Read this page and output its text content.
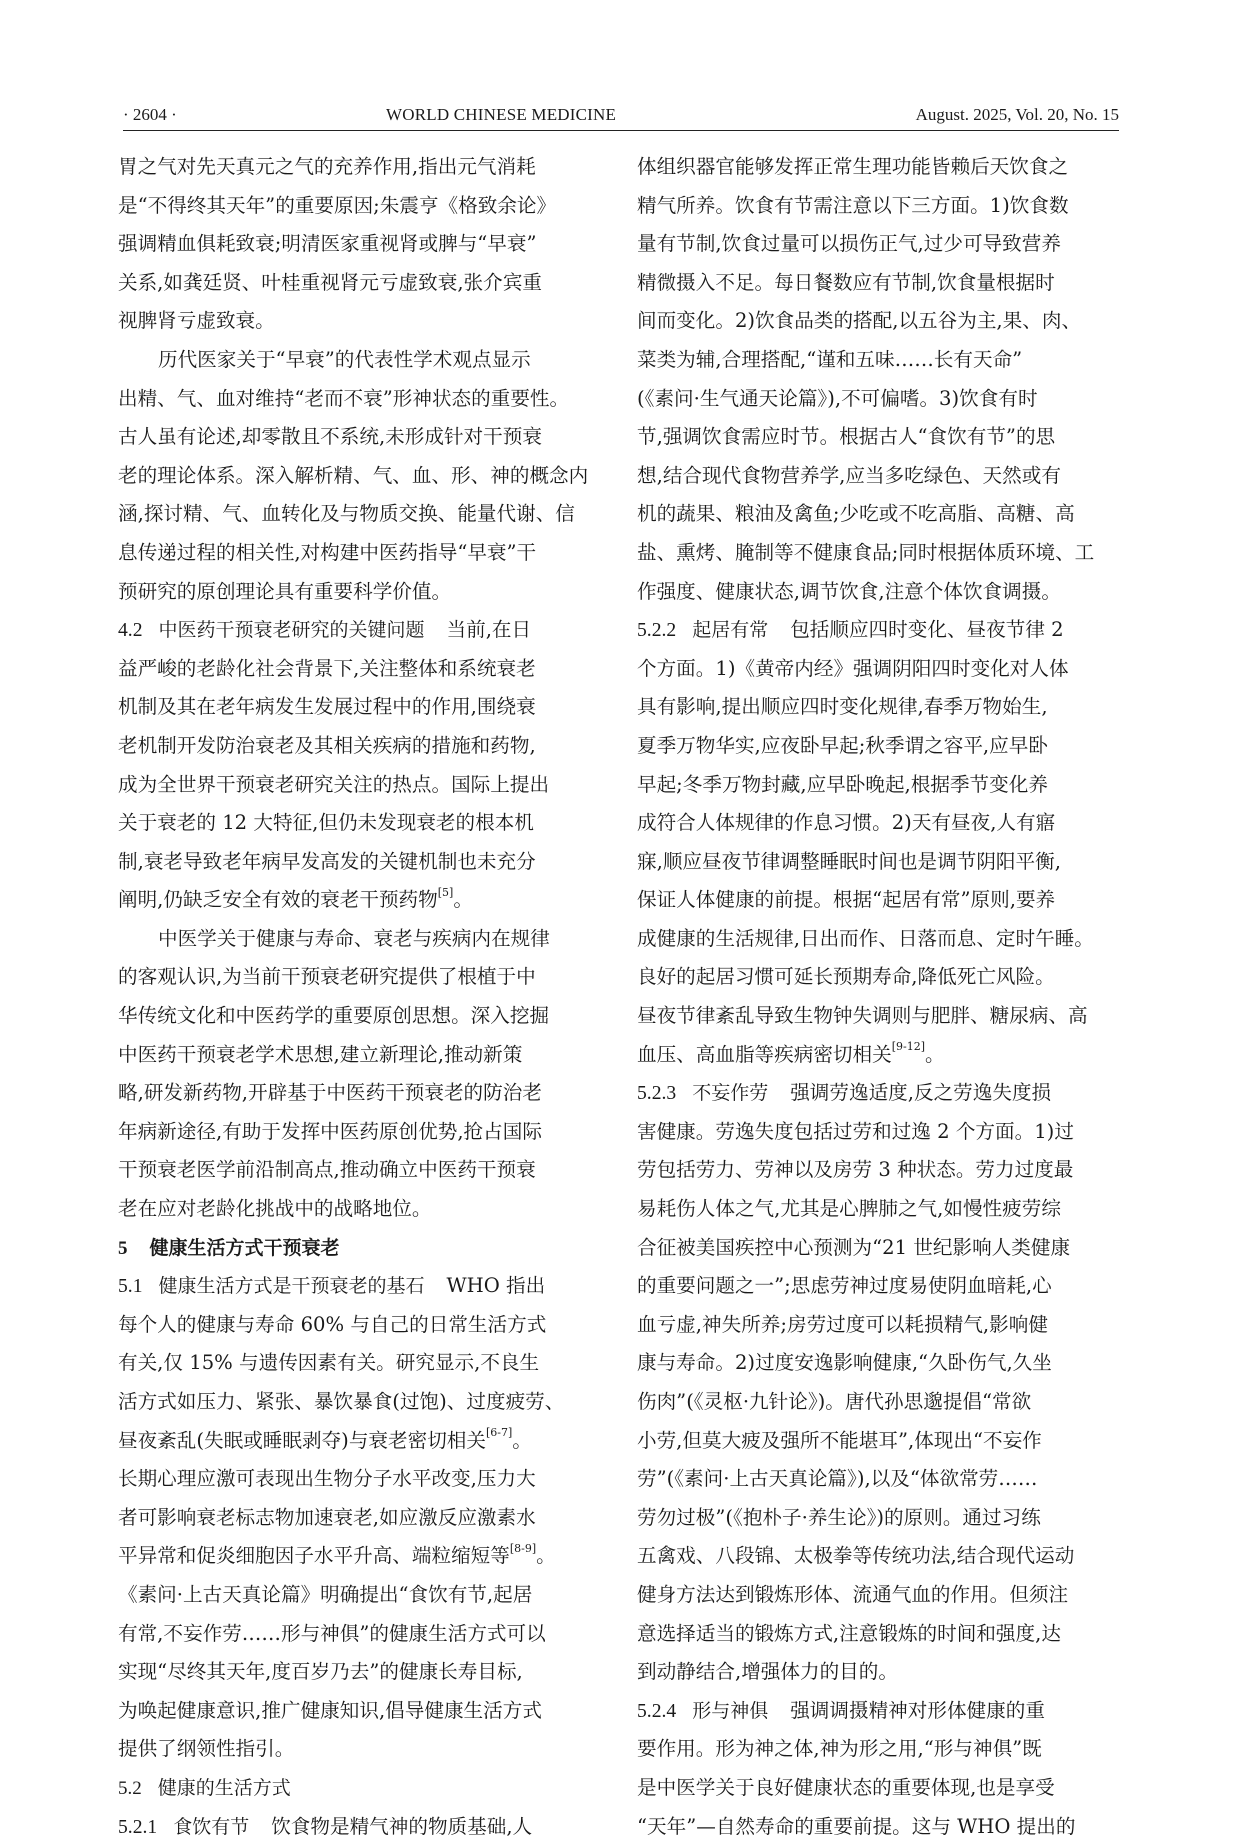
· 2604 ·	WORLD CHINESE MEDICINE	August. 2025, Vol. 20, No. 15
胃之气对先天真元之气的充养作用,指出元气消耗
是“不得终其天年”的重要原因;朱震亨《格致余论》
强调精血俱耗致衰;明清医家重视肾或脾与“早衰”
关系,如龚廷贤、叶桂重视肾元亏虚致衰,张介宾重
视脾肾亏虚致衰。
历代医家关于“早衰”的代表性学术观点显示
出精、气、血对维持“老而不衰”形神状态的重要性。
古人虽有论述,却零散且不系统,未形成针对干预衰
老的理论体系。深入解析精、气、血、形、神的概念内
涵,探讨精、气、血转化及与物质交换、能量代谢、信
息传递过程的相关性,对构建中医药指导“早衰”干
预研究的原创理论具有重要科学价值。
4.2 中医药干预衰老研究的关键问题 当前,在日
益严峻的老龄化社会背景下,关注整体和系统衰老
机制及其在老年病发生发展过程中的作用,围绕衰
老机制开发防治衰老及其相关疾病的措施和药物,
成为全世界干预衰老研究关注的热点。国际上提出
关于衰老的 12 大特征,但仍未发现衰老的根本机
制,衰老导致老年病早发高发的关键机制也未充分
阐明,仍缺乏安全有效的衰老干预药物[5]。
中医学关于健康与寿命、衰老与疾病内在规律
的客观认识,为当前干预衰老研究提供了根植于中
华传统文化和中医药学的重要原创思想。深入挖掘
中医药干预衰老学术思想,建立新理论,推动新策
略,研发新药物,开辟基于中医药干预衰老的防治老
年病新途径,有助于发挥中医药原创优势,抢占国际
干预衰老医学前沿制高点,推动确立中医药干预衰
老在应对老龄化挑战中的战略地位。
5 健康生活方式干预衰老
5.1 健康生活方式是干预衰老的基石 WHO 指出
每个人的健康与寿命 60% 与自己的日常生活方式
有关,仅 15% 与遗传因素有关。研究显示,不良生
活方式如压力、紧张、暴饮暴食(过饱)、过度疲劳、
昼夜紊乱(失眠或睡眠剥夺)与衰老密切相关[6-7]。
长期心理应激可表现出生物分子水平改变,压力大
者可影响衰老标志物加速衰老,如应激反应激素水
平异常和促炎细胞因子水平升高、端粒缩短等[8-9]。
《素问·上古天真论篇》明确提出“食饮有节,起居
有常,不妄作劳……形与神俱”的健康生活方式可以
实现“尽终其天年,度百岁乃去”的健康长寿目标,
为唤起健康意识,推广健康知识,倡导健康生活方式
提供了纲领性指引。
5.2 健康的生活方式
5.2.1 食饮有节 饮食物是精气神的物质基础,人
体组织器官能够发挥正常生理功能皆赖后天饮食之
精气所养。饮食有节需注意以下三方面。1)饮食数
量有节制,饮食过量可以损伤正气,过少可导致营养
精微摄入不足。每日餐数应有节制,饮食量根据时
间而变化。2)饮食品类的搭配,以五谷为主,果、肉、
菜类为辅,合理搭配,“谨和五味……长有天命”
(《素问·生气通天论篇》),不可偏嗜。3)饮食有时
节,强调饮食需应时节。根据古人“食饮有节”的思
想,结合现代食物营养学,应当多吃绿色、天然或有
机的蔬果、粮油及禽鱼;少吃或不吃高脂、高糖、高
盐、熏烤、腌制等不健康食品;同时根据体质环境、工
作强度、健康状态,调节饮食,注意个体饮食调摄。
5.2.2 起居有常 包括顺应四时变化、昼夜节律 2
个方面。1)《黄帝内经》强调阴阳四时变化对人体
具有影响,提出顺应四时变化规律,春季万物始生,
夏季万物华实,应夜卧早起;秋季谓之容平,应早卧
早起;冬季万物封藏,应早卧晚起,根据季节变化养
成符合人体规律的作息习惯。2)天有昼夜,人有寤
寐,顺应昼夜节律调整睡眠时间也是调节阴阳平衡,
保证人体健康的前提。根据“起居有常”原则,要养
成健康的生活规律,日出而作、日落而息、定时午睡。
良好的起居习惯可延长预期寿命,降低死亡风险。
昼夜节律紊乱导致生物钟失调则与肥胖、糖尿病、高
血压、高血脂等疾病密切相关[9-12]。
5.2.3 不妄作劳 强调劳逸适度,反之劳逸失度损
害健康。劳逸失度包括过劳和过逸 2 个方面。1)过
劳包括劳力、劳神以及房劳 3 种状态。劳力过度最
易耗伤人体之气,尤其是心脾肺之气,如慢性疲劳综
合征被美国疾控中心预测为“21 世纪影响人类健康
的重要问题之一”;思虑劳神过度易使阴血暗耗,心
血亏虚,神失所养;房劳过度可以耗损精气,影响健
康与寿命。2)过度安逸影响健康,“久卧伤气,久坐
伤肉”(《灵枢·九针论》)。唐代孙思邈提倡“常欲
小劳,但莫大疲及强所不能堪耳”,体现出“不妄作
劳”(《素问·上古天真论篇》),以及“体欲常劳……
劳勿过极”(《抱朴子·养生论》)的原则。通过习练
五禽戏、八段锦、太极拳等传统功法,结合现代运动
健身方法达到锻炼形体、流通气血的作用。但须注
意选择适当的锻炼方式,注意锻炼的时间和强度,达
到动静结合,增强体力的目的。
5.2.4 形与神俱 强调调摄精神对形体健康的重
要作用。形为神之体,神为形之用,“形与神俱”既
是中医学关于良好健康状态的重要体现,也是享受
“天年”—自然寿命的重要前提。这与 WHO 提出的
